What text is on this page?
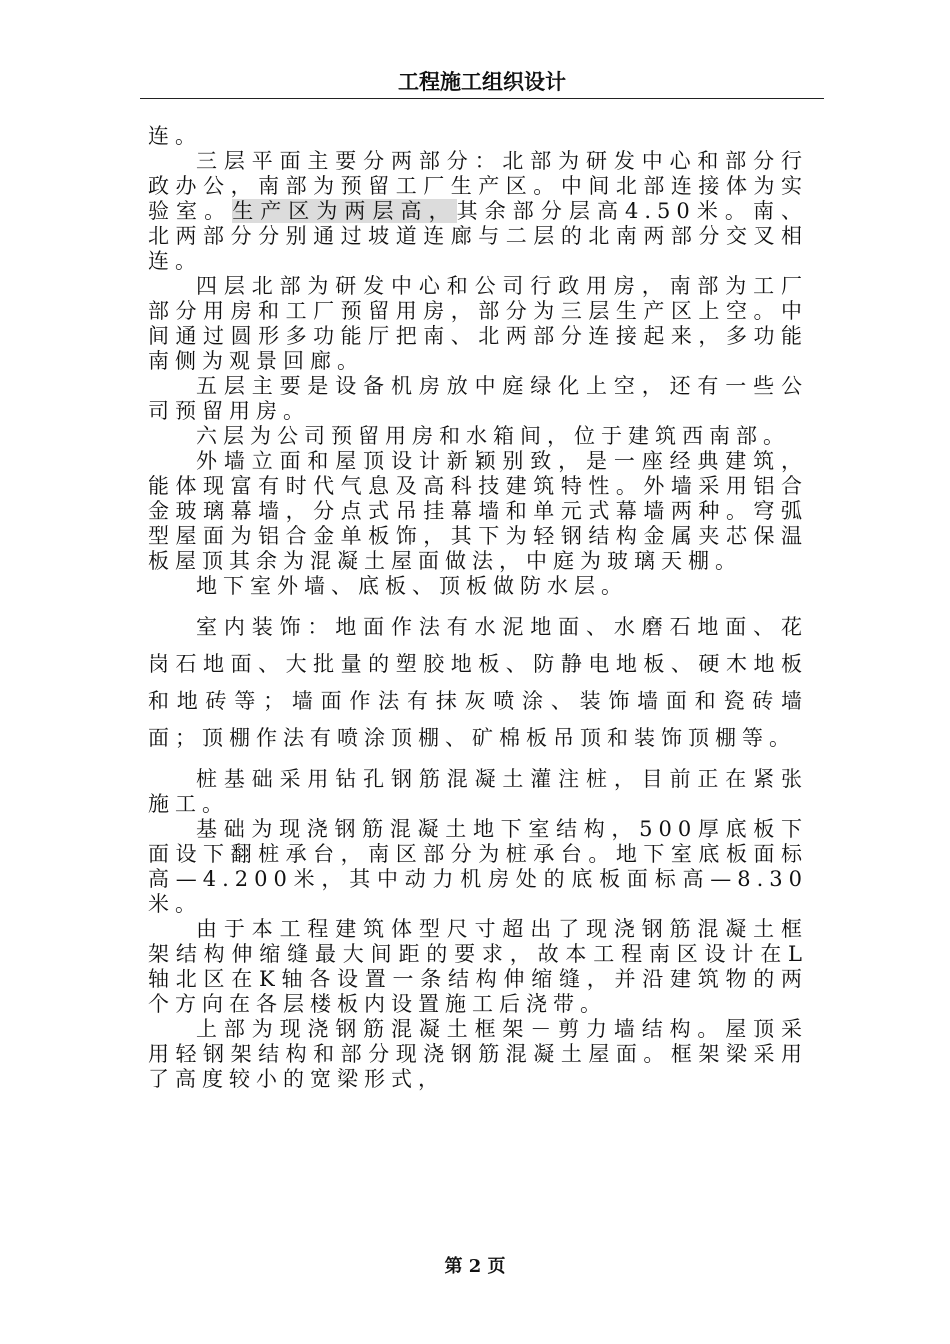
工程施工组织设计

连。

三层平面主要分两部分：北部为研发中心和部分行政办公，南部为预留工厂生产区。中间北部连接体为实验室。生产区为两层高，其余部分层高4.50米。南、北两部分分别通过坡道连廊与二层的北南两部分交叉相连。

四层北部为研发中心和公司行政用房，南部为工厂部分用房和工厂预留用房，部分为三层生产区上空。中间通过圆形多功能厅把南、北两部分连接起来，多功能南侧为观景回廊。

五层主要是设备机房放中庭绿化上空，还有一些公司预留用房。

六层为公司预留用房和水箱间，位于建筑西南部。

外墙立面和屋顶设计新颖别致，是一座经典建筑，能体现富有时代气息及高科技建筑特性。外墙采用铝合金玻璃幕墙，分点式吊挂幕墙和单元式幕墙两种。穹弧型屋面为铝合金单板饰，其下为轻钢结构金属夹芯保温板屋顶其余为混凝土屋面做法，中庭为玻璃天棚。

地下室外墙、底板、顶板做防水层。

室内装饰：地面作法有水泥地面、水磨石地面、花岗石地面、大批量的塑胶地板、防静电地板、硬木地板和地砖等；墙面作法有抹灰喷涂、装饰墙面和瓷砖墙面；顶棚作法有喷涂顶棚、矿棉板吊顶和装饰顶棚等。

桩基础采用钻孔钢筋混凝土灌注桩，目前正在紧张施工。

基础为现浇钢筋混凝土地下室结构，500厚底板下面设下翻桩承台，南区部分为桩承台。地下室底板面标高—4.200米，其中动力机房处的底板面标高—8.30米。

由于本工程建筑体型尺寸超出了现浇钢筋混凝土框架结构伸缩缝最大间距的要求，故本工程南区设计在L轴北区在K轴各设置一条结构伸缩缝，并沿建筑物的两个方向在各层楼板内设置施工后浇带。

上部为现浇钢筋混凝土框架－剪力墙结构。屋顶采用轻钢架结构和部分现浇钢筋混凝土屋面。框架梁采用了高度较小的宽梁形式，

第 2 页
